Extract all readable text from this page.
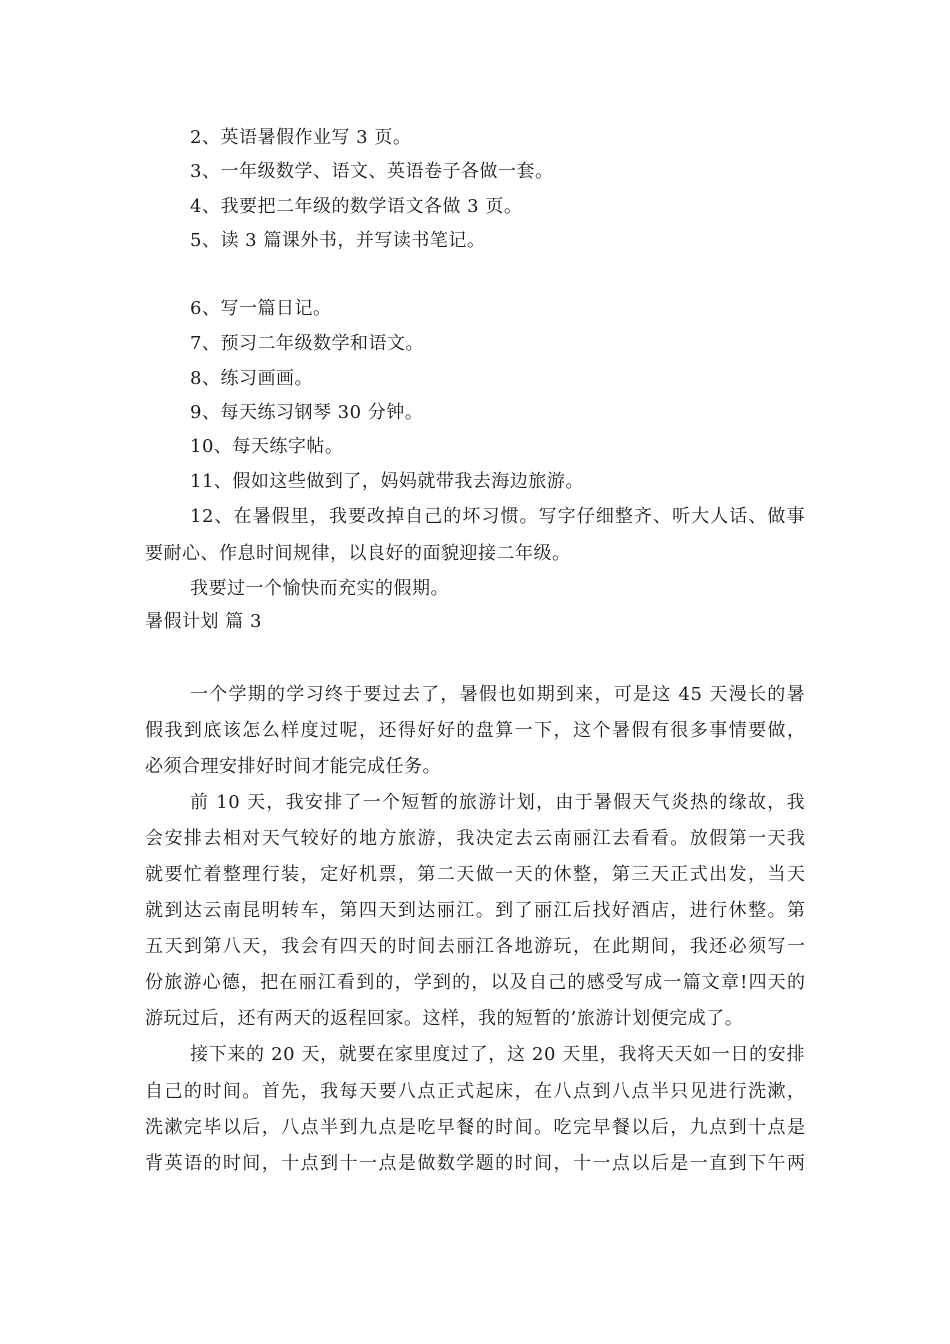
2、英语暑假作业写 3 页。
3、一年级数学、语文、英语卷子各做一套。
4、我要把二年级的数学语文各做 3 页。
5、读 3 篇课外书，并写读书笔记。
6、写一篇日记。
7、预习二年级数学和语文。
8、练习画画。
9、每天练习钢琴 30 分钟。
10、每天练字帖。
11、假如这些做到了，妈妈就带我去海边旅游。
12、在暑假里，我要改掉自己的坏习惯。写字仔细整齐、听大人话、做事
要耐心、作息时间规律，以良好的面貌迎接二年级。
我要过一个愉快而充实的假期。
暑假计划 篇 3
一个学期的学习终于要过去了，暑假也如期到来，可是这 45 天漫长的暑
假我到底该怎么样度过呢，还得好好的盘算一下，这个暑假有很多事情要做，
必须合理安排好时间才能完成任务。
前 10 天，我安排了一个短暂的旅游计划，由于暑假天气炎热的缘故，我
会安排去相对天气较好的地方旅游，我决定去云南丽江去看看。放假第一天我
就要忙着整理行装，定好机票，第二天做一天的休整，第三天正式出发，当天
就到达云南昆明转车，第四天到达丽江。到了丽江后找好酒店，进行休整。第
五天到第八天，我会有四天的时间去丽江各地游玩，在此期间，我还必须写一
份旅游心德，把在丽江看到的，学到的，以及自己的感受写成一篇文章!四天的
游玩过后，还有两天的返程回家。这样，我的短暂的’旅游计划便完成了。
接下来的 20 天，就要在家里度过了，这 20 天里，我将天天如一日的安排
自己的时间。首先，我每天要八点正式起床，在八点到八点半只见进行洗漱，
洗漱完毕以后，八点半到九点是吃早餐的时间。吃完早餐以后，九点到十点是
背英语的时间，十点到十一点是做数学题的时间，十一点以后是一直到下午两
